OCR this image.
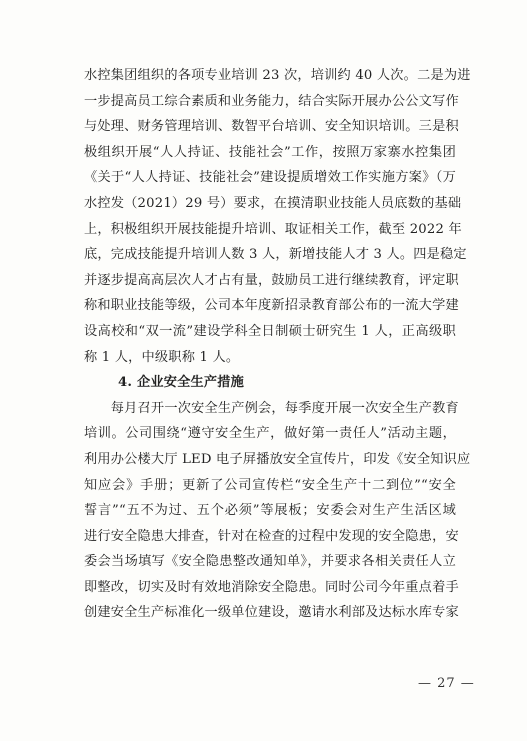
水控集团组织的各项专业培训 23 次，培训约 40 人次。二是为进
一步提高员工综合素质和业务能力，结合实际开展办公公文写作
与处理、财务管理培训、数智平台培训、安全知识培训。三是积
极组织开展“人人持证、技能社会”工作，按照万家寨水控集团
《关于“人人持证、技能社会”建设提质增效工作实施方案》（万
水控发（2021）29 号）要求，在摸清职业技能人员底数的基础
上，积极组织开展技能提升培训、取证相关工作，截至 2022 年
底，完成技能提升培训人数 3 人，新增技能人才 3 人。四是稳定
并逐步提高高层次人才占有量，鼓励员工进行继续教育，评定职
称和职业技能等级，公司本年度新招录教育部公布的一流大学建
设高校和“双一流”建设学科全日制硕士研究生 1 人，正高级职
称 1 人，中级职称 1 人。
4. 企业安全生产措施
　　每月召开一次安全生产例会，每季度开展一次安全生产教育
培训。公司围绕“遵守安全生产，做好第一责任人”活动主题，
利用办公楼大厅 LED 电子屏播放安全宣传片，印发《安全知识应
知应会》手册；更新了公司宣传栏“安全生产十二到位”“安全
誓言”“五不为过、五个必须”等展板；安委会对生产生活区域
进行安全隐患大排查，针对在检查的过程中发现的安全隐患，安
委会当场填写《安全隐患整改通知单》，并要求各相关责任人立
即整改，切实及时有效地消除安全隐患。同时公司今年重点着手
创建安全生产标准化一级单位建设，邀请水利部及达标水库专家
— 27 —
